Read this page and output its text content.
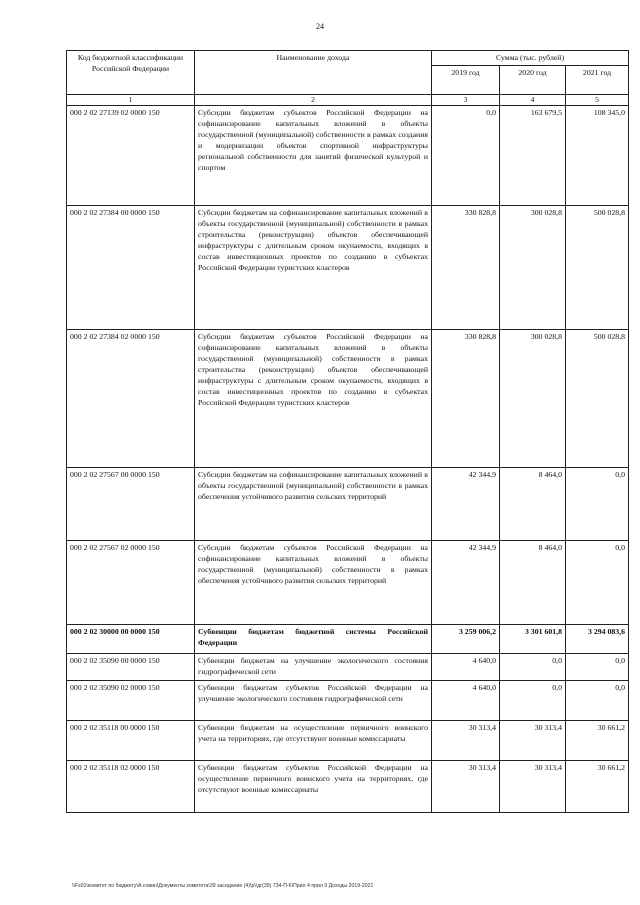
24
Код бюджетной классификации Российской Федерации	Наименование дохода	Сумма (тыс. рублей)		
		2019 год	2020 год	2021 год
1	2	3	4	5
000 2 02 27139 02 0000 150	Субсидии бюджетам субъектов Российской Федерации на софинансирование капитальных вложений в объекты государственной (муниципальной) собственности в рамках создания и модернизации объектов спортивной инфраструктуры региональной собственности для занятий физической культурой и спортом	0,0	163 679,5	108 345,0
000 2 02 27384 00 0000 150	Субсидии бюджетам на софинансирование капитальных вложений в объекты государственной (муниципальной) собственности в рамках строительства (реконструкции) объектов обеспечивающей инфраструктуры с длительным сроком окупаемости, входящих в состав инвестиционных проектов по созданию в субъектах Российской Федерации туристских кластеров	330 828,8	300 028,8	500 028,8
000 2 02 27384 02 0000 150	Субсидии бюджетам субъектов Российской Федерации на софинансирование капитальных вложений в объекты государственной (муниципальной) собственности в рамках строительства (реконструкции) объектов обеспечивающей инфраструктуры с длительным сроком окупаемости, входящих в состав инвестиционных проектов по созданию в субъектах Российской Федерации туристских кластеров	330 828,8	300 028,8	500 028,8
000 2 02 27567 00 0000 150	Субсидии бюджетам на софинансирование капитальных вложений в объекты государственной (муниципальной) собственности в рамках обеспечения устойчивого развития сельских территорий	42 344,9	8 464,0	0,0
000 2 02 27567 02 0000 150	Субсидии бюджетам субъектов Российской Федерации на софинансирование капитальных вложений в объекты государственной (муниципальной) собственности в рамках обеспечения устойчивого развития сельских территорий	42 344,9	8 464,0	0,0
000 2 02 30000 00 0000 150	Субвенции бюджетам бюджетной системы Российской Федерации	3 259 006,2	3 301 601,8	3 294 083,6
000 2 02 35090 00 0000 150	Субвенции бюджетам на улучшение экологического состояния гидрографической сети	4 640,0	0,0	0,0
000 2 02 35090 02 0000 150	Субвенции бюджетам субъектов Российской Федерации на улучшение экологического состояния гидрографической сети	4 640,0	0,0	0,0
000 2 02 35118 00 0000 150	Субвенции бюджетам на осуществление первичного воинского учета на территориях, где отсутствуют военные комиссариаты	30 313,4	30 313,4	30 661,2
000 2 02 35118 02 0000 150	Субвенции бюджетам субъектов Российской Федерации на осуществление первичного воинского учета на территориях, где отсутствуют военные комиссариаты	30 313,4	30 313,4	30 661,2
\\Fs01\комитет по бюджету\А.совин\Документы комитета\39 заседание (4)\р\\дг(39) 734-П-6\Прил 4 прил 9 Доходы 2019-2021
